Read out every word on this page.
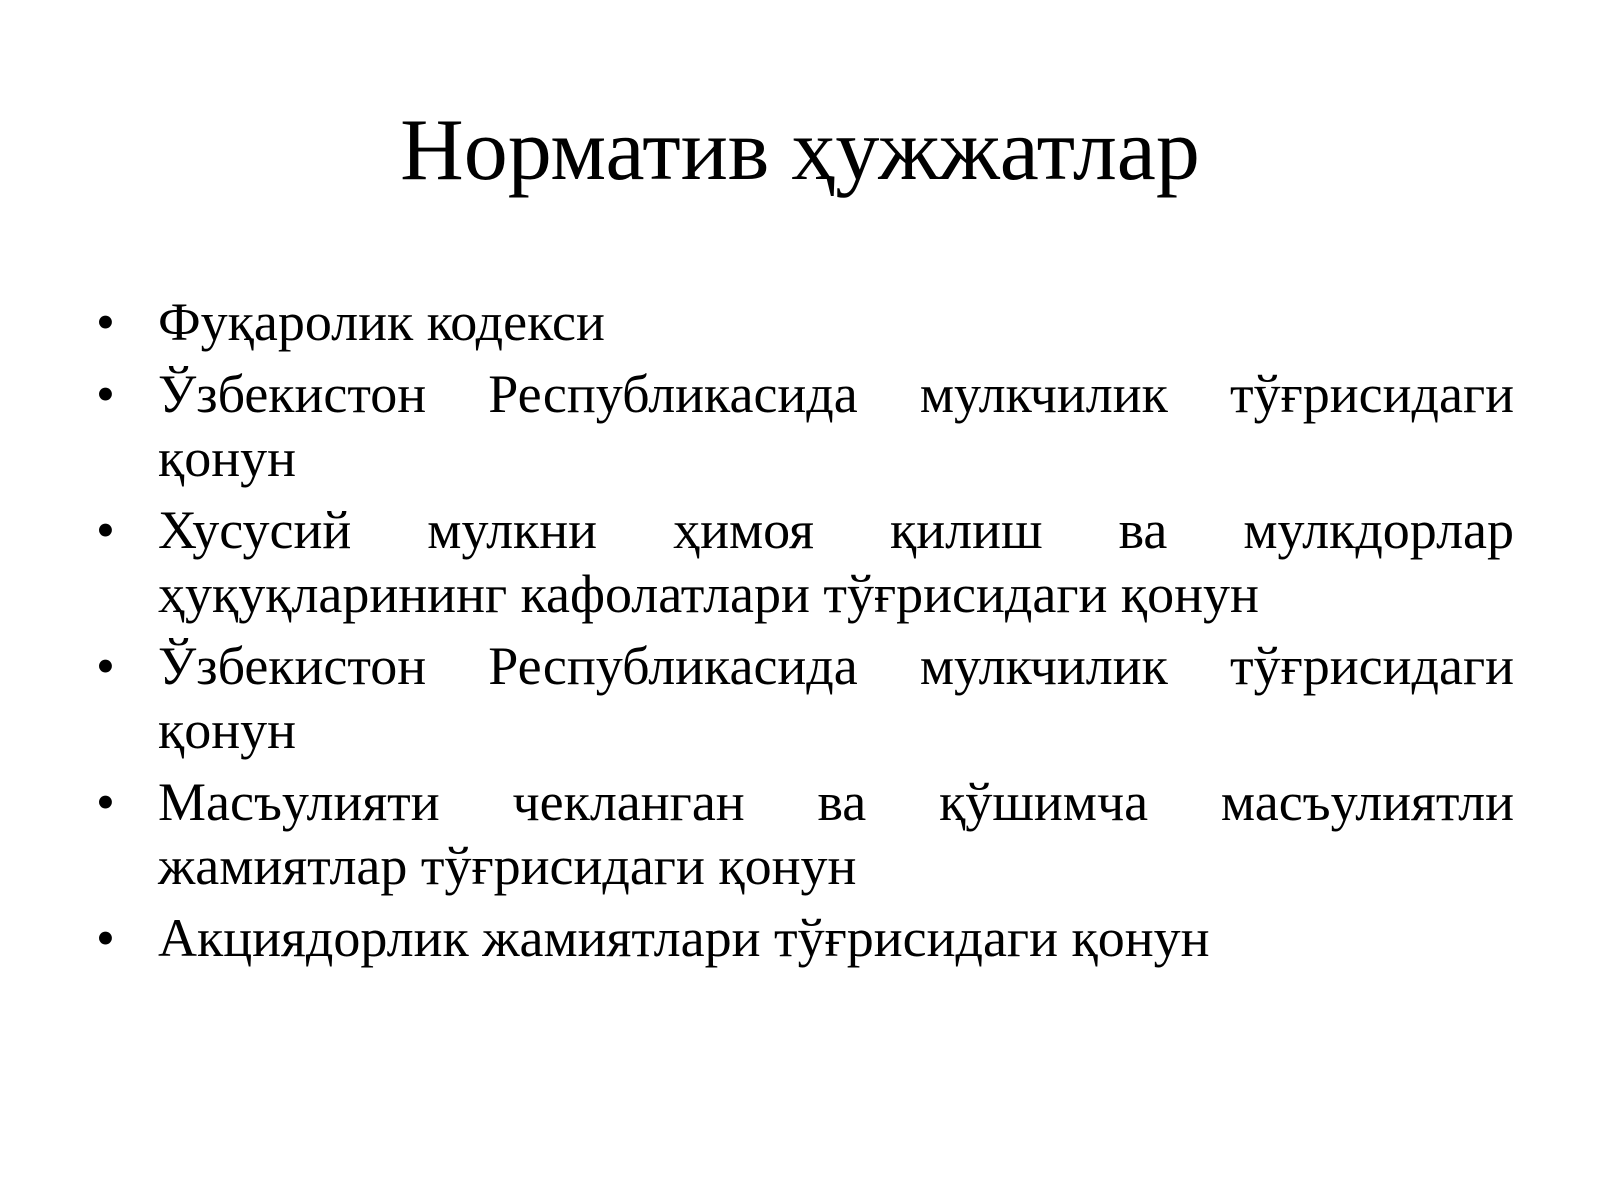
Норматив ҳужжатлар
• Фуқаролик кодекси
• Ўзбекистон Республикасида мулкчилик тўғрисидаги қонун
• Хусусий мулкни ҳимоя қилиш ва мулкдорлар ҳуқуқларининг кафолатлари тўғрисидаги қонун
• Ўзбекистон Республикасида мулкчилик тўғрисидаги қонун
• Масъулияти чекланган ва қўшимча масъулиятли жамиятлар тўғрисидаги қонун
• Акциядорлик жамиятлари тўғрисидаги қонун
